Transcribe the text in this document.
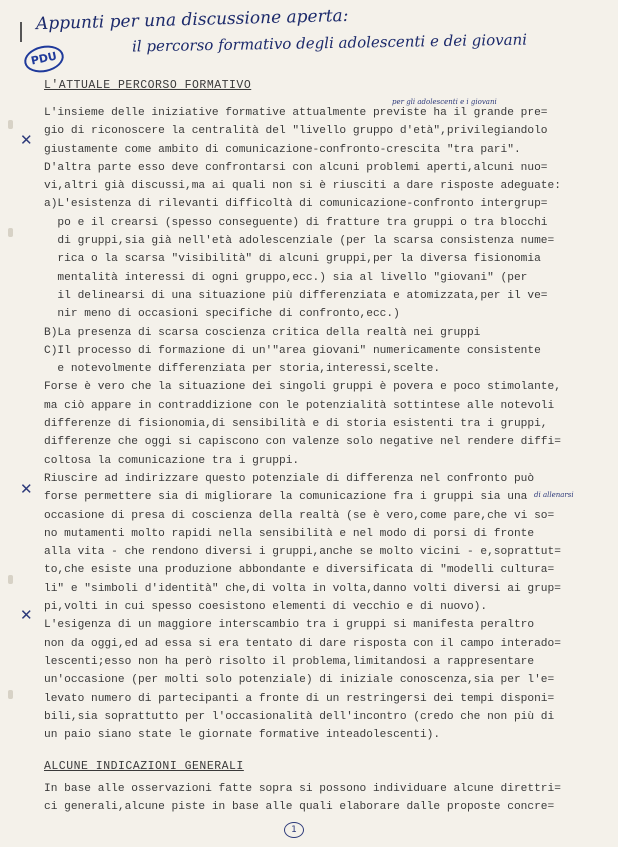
Appunti per una discussione aperta:
il percorso formativo degli adolescenti e dei giovani
PDU
L'ATTUALE PERCORSO FORMATIVO
per gli adolescenti e i giovani
di allenarsi
✕
✕
✕

L'insieme delle iniziative formative attualmente previste ha il grande pre=

gio di riconoscere la centralità del "livello gruppo d'età",privilegiandolo

giustamente come ambito di comunicazione-confronto-crescita "tra pari".

D'altra parte esso deve confrontarsi con alcuni problemi aperti,alcuni nuo=

vi,altri già discussi,ma ai quali non si è riusciti a dare risposte adeguate:

a)L'esistenza di rilevanti difficoltà di comunicazione-confronto intergrup=

po e il crearsi (spesso conseguente) di fratture tra gruppi o tra blocchi

di gruppi,sia già nell'età adolescenziale (per la scarsa consistenza nume=

rica o la scarsa "visibilità" di alcuni gruppi,per la diversa fisionomia

mentalità interessi di ogni gruppo,ecc.) sia al livello "giovani" (per

il delinearsi di una situazione più differenziata e atomizzata,per il ve=

nir meno di occasioni specifiche di confronto,ecc.)

B)La presenza di scarsa coscienza critica della realtà nei gruppi

C)Il processo di formazione di un'"area giovani" numericamente consistente

e notevolmente differenziata per storia,interessi,scelte.

Forse è vero che la situazione dei singoli gruppi è povera e poco stimolante,

ma ciò appare in contraddizione con le potenzialità sottintese alle notevoli

differenze di fisionomia,di sensibilità e di storia esistenti tra i gruppi,

differenze che oggi si capiscono con valenze solo negative nel rendere diffi=

coltosa la comunicazione tra i gruppi.

Riuscire ad indirizzare questo potenziale di differenza nel confronto può

forse permettere sia di migliorare la comunicazione fra i gruppi sia una

occasione di presa di coscienza della realtà (se è vero,come pare,che vi so=

no mutamenti molto rapidi nella sensibilità e nel modo di porsi di fronte

alla vita - che rendono diversi i gruppi,anche se molto vicini - e,soprattut=

to,che esiste una produzione abbondante e diversificata di "modelli cultura=

li" e "simboli d'identità" che,di volta in volta,danno volti diversi ai grup=

pi,volti in cui spesso coesistono elementi di vecchio e di nuovo).

L'esigenza di un maggiore interscambio tra i gruppi si manifesta peraltro

non da oggi,ed ad essa si era tentato di dare risposta con il campo interado=

lescenti;esso non ha però risolto il problema,limitandosi a rappresentare

un'occasione (per molti solo potenziale) di iniziale conoscenza,sia per l'e=

levato numero di partecipanti a fronte di un restringersi dei tempi disponi=

bili,sia soprattutto per l'occasionalità dell'incontro (credo che non più di

un paio siano state le giornate formative inteadolescenti).

ALCUNE INDICAZIONI GENERALI

In base alle osservazioni fatte sopra si possono individuare alcune direttri=

ci generali,alcune piste in base alle quali elaborare dalle proposte concre=

1
